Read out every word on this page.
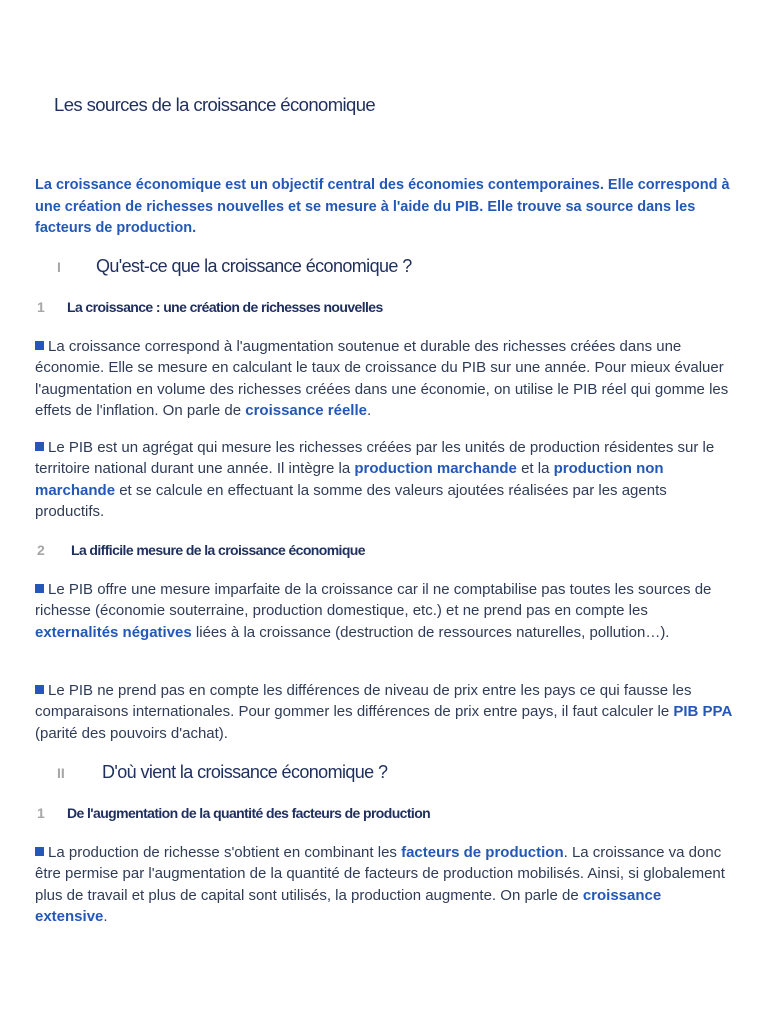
Les sources de la croissance économique

La croissance économique est un objectif central des économies contemporaines. Elle correspond à une création de richesses nouvelles et se mesure à l'aide du PIB. Elle trouve sa source dans les facteurs de production.

I	Qu'est-ce que la croissance économique ?
1	La croissance : une création de richesses nouvelles

La croissance correspond à l'augmentation soutenue et durable des richesses créées dans une économie. Elle se mesure en calculant le taux de croissance du PIB sur une année. Pour mieux évaluer l'augmentation en volume des richesses créées dans une économie, on utilise le PIB réel qui gomme les effets de l'inflation. On parle de croissance réelle.

Le PIB est un agrégat qui mesure les richesses créées par les unités de production résidentes sur le territoire national durant une année. Il intègre la production marchande et la production non marchande et se calcule en effectuant la somme des valeurs ajoutées réalisées par les agents productifs.

2	La difficile mesure de la croissance économique

Le PIB offre une mesure imparfaite de la croissance car il ne comptabilise pas toutes les sources de richesse (économie souterraine, production domestique, etc.) et ne prend pas en compte les externalités négatives liées à la croissance (destruction de ressources naturelles, pollution…).

Le PIB ne prend pas en compte les différences de niveau de prix entre les pays ce qui fausse les comparaisons internationales. Pour gommer les différences de prix entre pays, il faut calculer le PIB PPA (parité des pouvoirs d'achat).

II	D'où vient la croissance économique ?
1	De l'augmentation de la quantité des facteurs de production

La production de richesse s'obtient en combinant les facteurs de production. La croissance va donc être permise par l'augmentation de la quantité de facteurs de production mobilisés. Ainsi, si globalement plus de travail et plus de capital sont utilisés, la production augmente. On parle de croissance extensive.
